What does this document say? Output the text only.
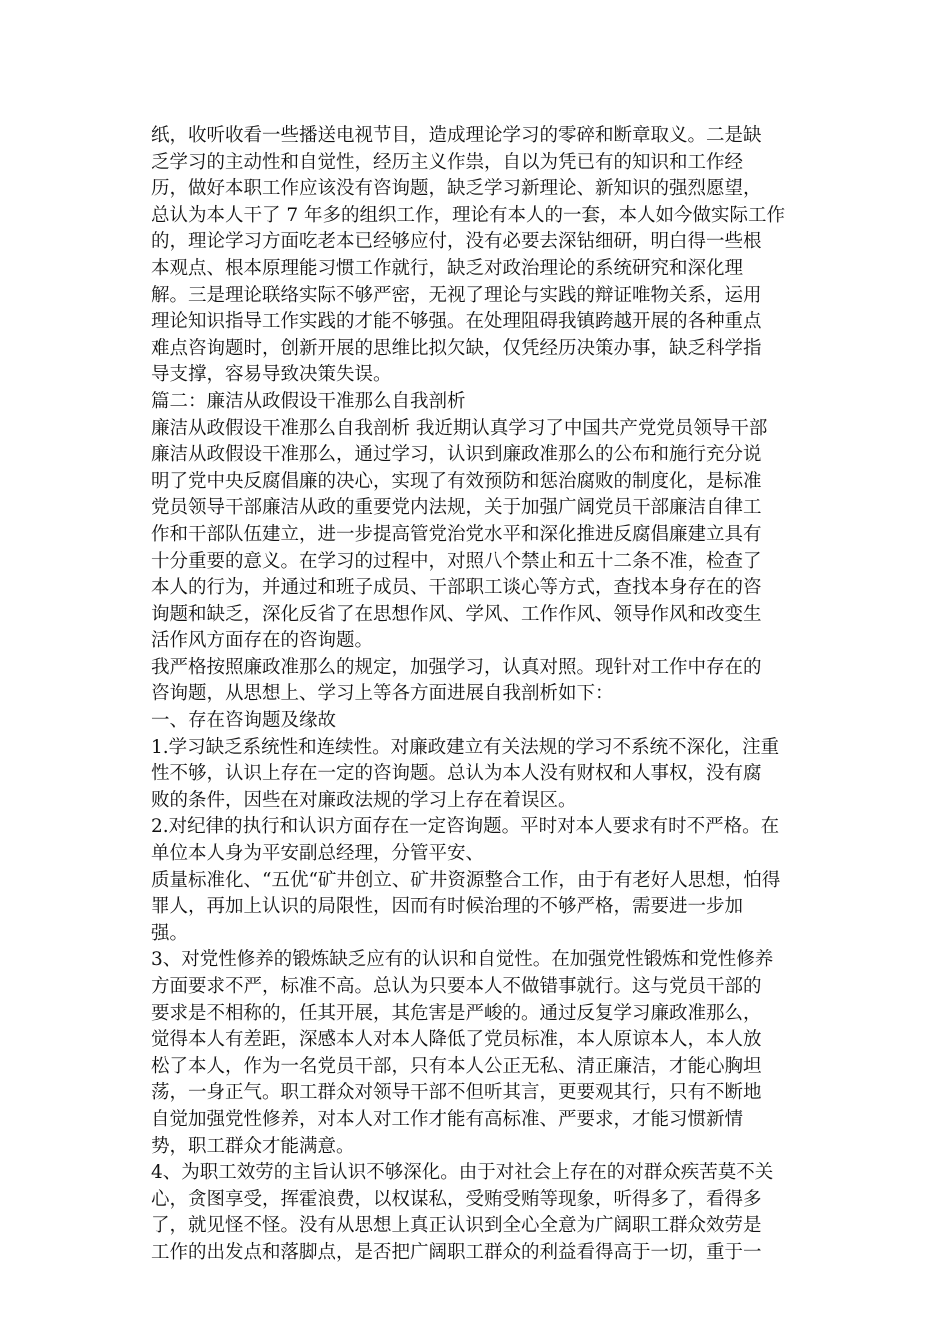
纸，收听收看一些播送电视节目，造成理论学习的零碎和断章取义。二是缺
乏学习的主动性和自觉性，经历主义作祟，自以为凭已有的知识和工作经
历，做好本职工作应该没有咨询题，缺乏学习新理论、新知识的强烈愿望，
总认为本人干了 7 年多的组织工作，理论有本人的一套，本人如今做实际工作
的，理论学习方面吃老本已经够应付，没有必要去深钻细研，明白得一些根
本观点、根本原理能习惯工作就行，缺乏对政治理论的系统研究和深化理
解。三是理论联络实际不够严密，无视了理论与实践的辩证唯物关系，运用
理论知识指导工作实践的才能不够强。在处理阻碍我镇跨越开展的各种重点
难点咨询题时，创新开展的思维比拟欠缺，仅凭经历决策办事，缺乏科学指
导支撑，容易导致决策失误。
篇二：廉洁从政假设干准那么自我剖析
廉洁从政假设干准那么自我剖析 我近期认真学习了中国共产党党员领导干部
廉洁从政假设干准那么，通过学习，认识到廉政准那么的公布和施行充分说
明了党中央反腐倡廉的决心，实现了有效预防和惩治腐败的制度化，是标准
党员领导干部廉洁从政的重要党内法规，关于加强广阔党员干部廉洁自律工
作和干部队伍建立，进一步提高管党治党水平和深化推进反腐倡廉建立具有
十分重要的意义。在学习的过程中，对照八个禁止和五十二条不准，检查了
本人的行为，并通过和班子成员、干部职工谈心等方式，查找本身存在的咨
询题和缺乏，深化反省了在思想作风、学风、工作作风、领导作风和改变生
活作风方面存在的咨询题。
我严格按照廉政准那么的规定，加强学习，认真对照。现针对工作中存在的
咨询题，从思想上、学习上等各方面进展自我剖析如下：
一、存在咨询题及缘故
1.学习缺乏系统性和连续性。对廉政建立有关法规的学习不系统不深化，注重
性不够，认识上存在一定的咨询题。总认为本人没有财权和人事权，没有腐
败的条件，因些在对廉政法规的学习上存在着误区。
2.对纪律的执行和认识方面存在一定咨询题。平时对本人要求有时不严格。在
单位本人身为平安副总经理，分管平安、
质量标准化、“五优“矿井创立、矿井资源整合工作，由于有老好人思想，怕得
罪人，再加上认识的局限性，因而有时候治理的不够严格，需要进一步加
强。
3、对党性修养的锻炼缺乏应有的认识和自觉性。在加强党性锻炼和党性修养
方面要求不严，标准不高。总认为只要本人不做错事就行。这与党员干部的
要求是不相称的，任其开展，其危害是严峻的。通过反复学习廉政准那么，
觉得本人有差距，深感本人对本人降低了党员标准，本人原谅本人，本人放
松了本人，作为一名党员干部，只有本人公正无私、清正廉洁，才能心胸坦
荡，一身正气。职工群众对领导干部不但听其言，更要观其行，只有不断地
自觉加强党性修养，对本人对工作才能有高标准、严要求，才能习惯新情
势，职工群众才能满意。
4、为职工效劳的主旨认识不够深化。由于对社会上存在的对群众疾苦莫不关
心，贪图享受，挥霍浪费，以权谋私，受贿受贿等现象，听得多了，看得多
了，就见怪不怪。没有从思想上真正认识到全心全意为广阔职工群众效劳是
工作的出发点和落脚点，是否把广阔职工群众的利益看得高于一切，重于一
